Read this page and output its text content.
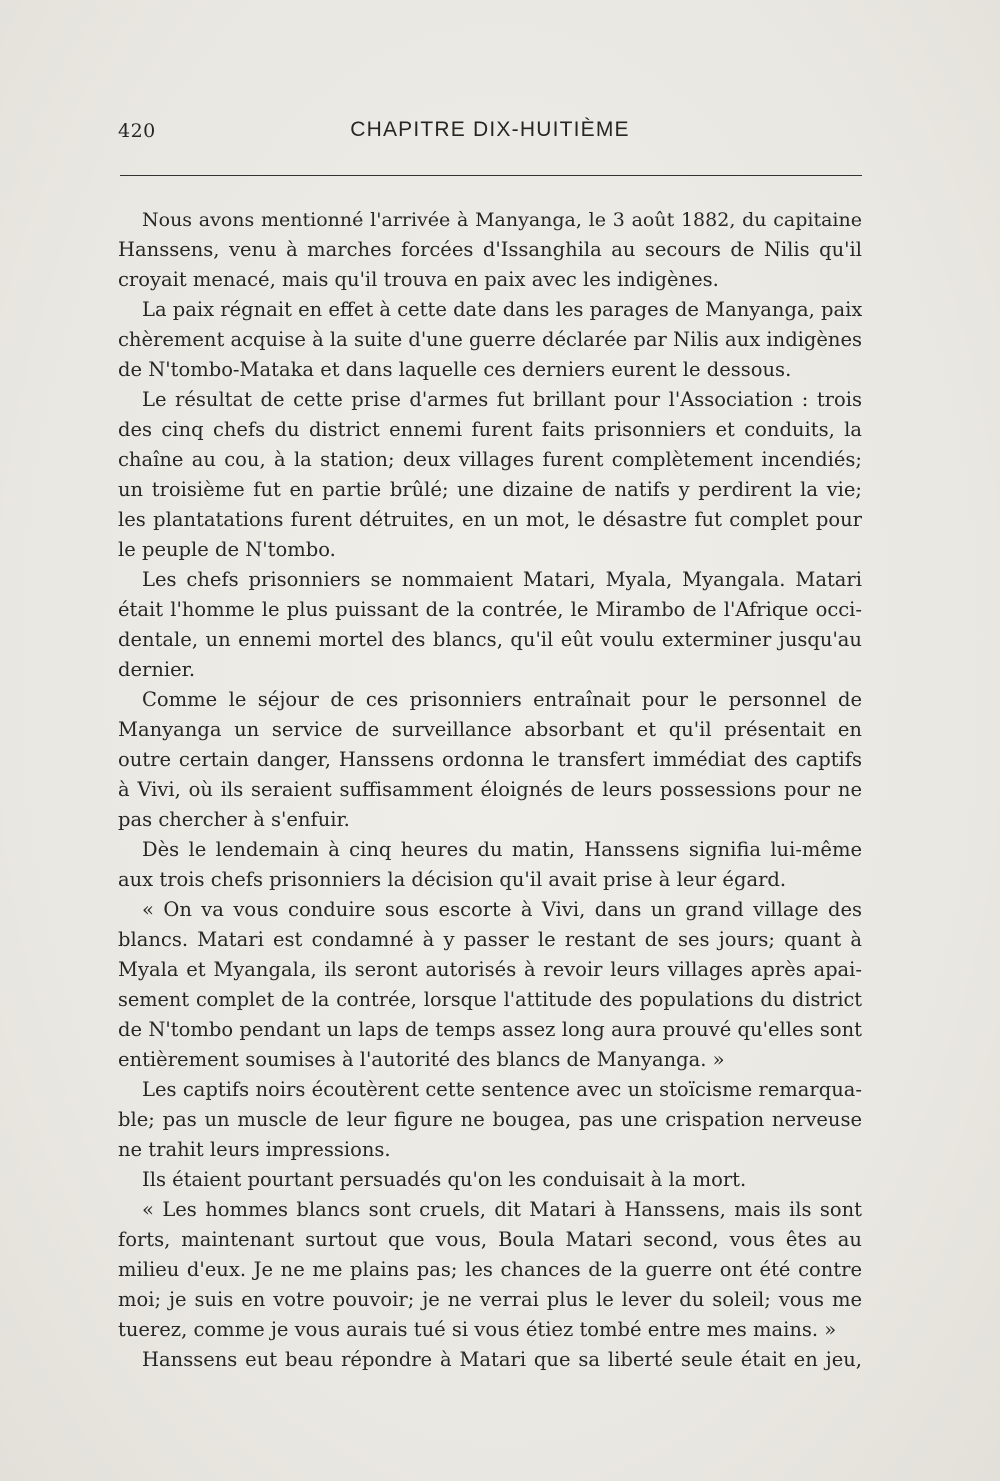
420	CHAPITRE DIX-HUITIÈME
Nous avons mentionné l'arrivée à Manyanga, le 3 août 1882, du capitaine
Hanssens, venu à marches forcées d'Issanghila au secours de Nilis qu'il
croyait menacé, mais qu'il trouva en paix avec les indigènes.
La paix régnait en effet à cette date dans les parages de Manyanga, paix
chèrement acquise à la suite d'une guerre déclarée par Nilis aux indigènes
de N'tombo-Mataka et dans laquelle ces derniers eurent le dessous.
Le résultat de cette prise d'armes fut brillant pour l'Association : trois
des cinq chefs du district ennemi furent faits prisonniers et conduits, la
chaîne au cou, à la station; deux villages furent complètement incendiés;
un troisième fut en partie brûlé; une dizaine de natifs y perdirent la vie;
les plantatations furent détruites, en un mot, le désastre fut complet pour
le peuple de N'tombo.
Les chefs prisonniers se nommaient Matari, Myala, Myangala. Matari
était l'homme le plus puissant de la contrée, le Mirambo de l'Afrique occi-
dentale, un ennemi mortel des blancs, qu'il eût voulu exterminer jusqu'au
dernier.
Comme le séjour de ces prisonniers entraînait pour le personnel de
Manyanga un service de surveillance absorbant et qu'il présentait en
outre certain danger, Hanssens ordonna le transfert immédiat des captifs
à Vivi, où ils seraient suffisamment éloignés de leurs possessions pour ne
pas chercher à s'enfuir.
Dès le lendemain à cinq heures du matin, Hanssens signifia lui-même
aux trois chefs prisonniers la décision qu'il avait prise à leur égard.
« On va vous conduire sous escorte à Vivi, dans un grand village des
blancs. Matari est condamné à y passer le restant de ses jours; quant à
Myala et Myangala, ils seront autorisés à revoir leurs villages après apai-
sement complet de la contrée, lorsque l'attitude des populations du district
de N'tombo pendant un laps de temps assez long aura prouvé qu'elles sont
entièrement soumises à l'autorité des blancs de Manyanga. »
Les captifs noirs écoutèrent cette sentence avec un stoïcisme remarqua-
ble; pas un muscle de leur figure ne bougea, pas une crispation nerveuse
ne trahit leurs impressions.
Ils étaient pourtant persuadés qu'on les conduisait à la mort.
« Les hommes blancs sont cruels, dit Matari à Hanssens, mais ils sont
forts, maintenant surtout que vous, Boula Matari second, vous êtes au
milieu d'eux. Je ne me plains pas; les chances de la guerre ont été contre
moi; je suis en votre pouvoir; je ne verrai plus le lever du soleil; vous me
tuerez, comme je vous aurais tué si vous étiez tombé entre mes mains. »
Hanssens eut beau répondre à Matari que sa liberté seule était en jeu,
